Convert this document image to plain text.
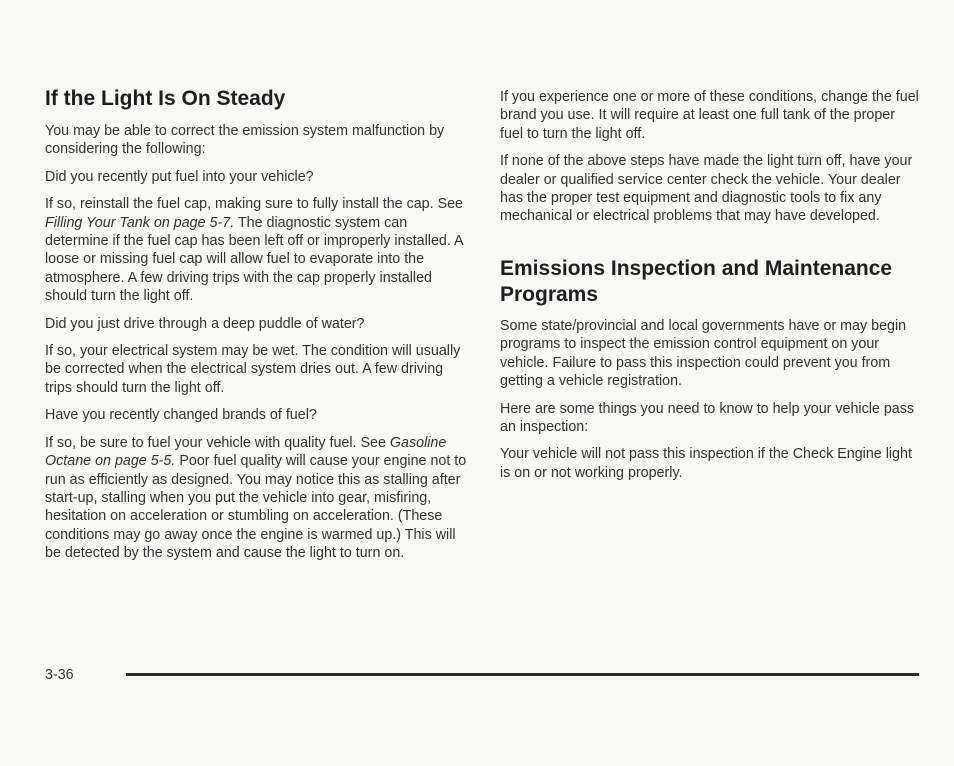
If the Light Is On Steady

You may be able to correct the emission system malfunction by considering the following:

Did you recently put fuel into your vehicle?

If so, reinstall the fuel cap, making sure to fully install the cap. See Filling Your Tank on page 5-7. The diagnostic system can determine if the fuel cap has been left off or improperly installed. A loose or missing fuel cap will allow fuel to evaporate into the atmosphere. A few driving trips with the cap properly installed should turn the light off.

Did you just drive through a deep puddle of water?

If so, your electrical system may be wet. The condition will usually be corrected when the electrical system dries out. A few driving trips should turn the light off.

Have you recently changed brands of fuel?

If so, be sure to fuel your vehicle with quality fuel. See Gasoline Octane on page 5-5. Poor fuel quality will cause your engine not to run as efficiently as designed. You may notice this as stalling after start-up, stalling when you put the vehicle into gear, misfiring, hesitation on acceleration or stumbling on acceleration. (These conditions may go away once the engine is warmed up.) This will be detected by the system and cause the light to turn on.

If you experience one or more of these conditions, change the fuel brand you use. It will require at least one full tank of the proper fuel to turn the light off.

If none of the above steps have made the light turn off, have your dealer or qualified service center check the vehicle. Your dealer has the proper test equipment and diagnostic tools to fix any mechanical or electrical problems that may have developed.

Emissions Inspection and Maintenance Programs

Some state/provincial and local governments have or may begin programs to inspect the emission control equipment on your vehicle. Failure to pass this inspection could prevent you from getting a vehicle registration.

Here are some things you need to know to help your vehicle pass an inspection:

Your vehicle will not pass this inspection if the Check Engine light is on or not working properly.

3-36
